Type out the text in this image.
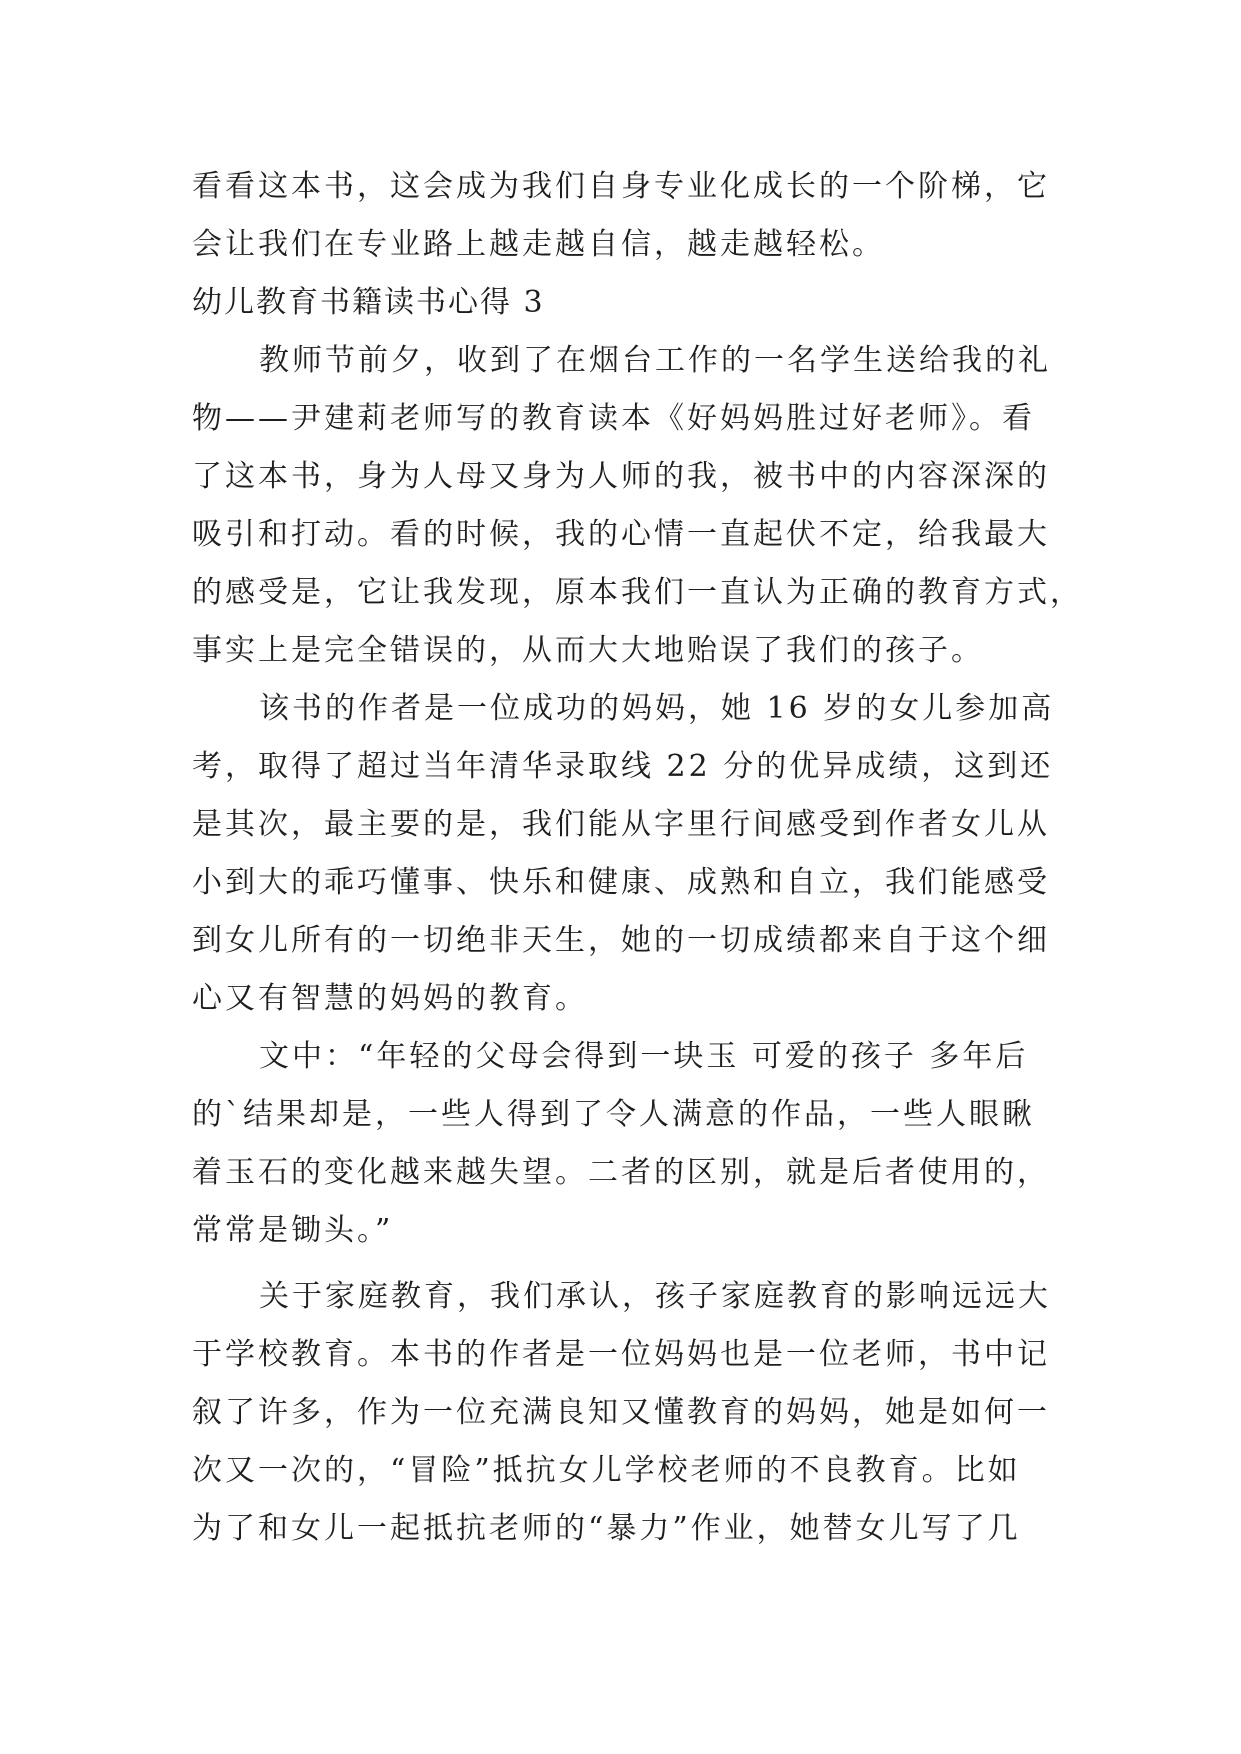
看看这本书，这会成为我们自身专业化成长的一个阶梯，它
会让我们在专业路上越走越自信，越走越轻松。
幼儿教育书籍读书心得 3
教师节前夕，收到了在烟台工作的一名学生送给我的礼
物——尹建莉老师写的教育读本《好妈妈胜过好老师》。看
了这本书，身为人母又身为人师的我，被书中的内容深深的
吸引和打动。看的时候，我的心情一直起伏不定，给我最大
的感受是，它让我发现，原本我们一直认为正确的教育方式，
事实上是完全错误的，从而大大地贻误了我们的孩子。
该书的作者是一位成功的妈妈，她 16 岁的女儿参加高
考，取得了超过当年清华录取线 22 分的优异成绩，这到还
是其次，最主要的是，我们能从字里行间感受到作者女儿从
小到大的乖巧懂事、快乐和健康、成熟和自立，我们能感受
到女儿所有的一切绝非天生，她的一切成绩都来自于这个细
心又有智慧的妈妈的教育。
文中：“年轻的父母会得到一块玉 可爱的孩子 多年后
的`结果却是，一些人得到了令人满意的作品，一些人眼瞅
着玉石的变化越来越失望。二者的区别，就是后者使用的，
常常是锄头。”
关于家庭教育，我们承认，孩子家庭教育的影响远远大
于学校教育。本书的作者是一位妈妈也是一位老师，书中记
叙了许多，作为一位充满良知又懂教育的妈妈，她是如何一
次又一次的，“冒险”抵抗女儿学校老师的不良教育。比如
为了和女儿一起抵抗老师的“暴力”作业，她替女儿写了几
